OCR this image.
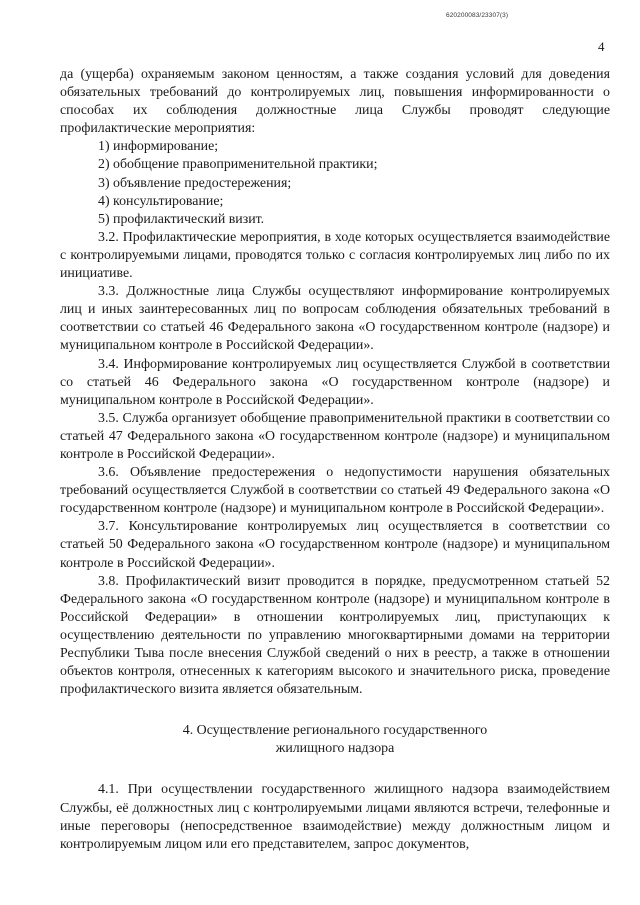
620200083/23307(3)
4

да (ущерба) охраняемым законом ценностям, а также создания условий для доведения обязательных требований до контролируемых лиц, повышения информированности о способах их соблюдения должностные лица Службы проводят следующие профилактические мероприятия:

1) информирование;
2) обобщение правоприменительной практики;
3) объявление предостережения;
4) консультирование;
5) профилактический визит.

3.2. Профилактические мероприятия, в ходе которых осуществляется взаимодействие с контролируемыми лицами, проводятся только с согласия контролируемых лиц либо по их инициативе.

3.3. Должностные лица Службы осуществляют информирование контролируемых лиц и иных заинтересованных лиц по вопросам соблюдения обязательных требований в соответствии со статьей 46 Федерального закона «О государственном контроле (надзоре) и муниципальном контроле в Российской Федерации».

3.4. Информирование контролируемых лиц осуществляется Службой в соответствии со статьей 46 Федерального закона «О государственном контроле (надзоре) и муниципальном контроле в Российской Федерации».

3.5. Служба организует обобщение правоприменительной практики в соответствии со статьей 47 Федерального закона «О государственном контроле (надзоре) и муниципальном контроле в Российской Федерации».

3.6. Объявление предостережения о недопустимости нарушения обязательных требований осуществляется Службой в соответствии со статьей 49 Федерального закона «О государственном контроле (надзоре) и муниципальном контроле в Российской Федерации».

3.7. Консультирование контролируемых лиц осуществляется в соответствии со статьей 50 Федерального закона «О государственном контроле (надзоре) и муниципальном контроле в Российской Федерации».

3.8. Профилактический визит проводится в порядке, предусмотренном статьей 52 Федерального закона «О государственном контроле (надзоре) и муниципальном контроле в Российской Федерации» в отношении контролируемых лиц, приступающих к осуществлению деятельности по управлению многоквартирными домами на территории Республики Тыва после внесения Службой сведений о них в реестр, а также в отношении объектов контроля, отнесенных к категориям высокого и значительного риска, проведение профилактического визита является обязательным.

4. Осуществление регионального государственного
жилищного надзора

4.1. При осуществлении государственного жилищного надзора взаимодействием Службы, её должностных лиц с контролируемыми лицами являются встречи, телефонные и иные переговоры (непосредственное взаимодействие) между должностным лицом и контролируемым лицом или его представителем, запрос документов,
